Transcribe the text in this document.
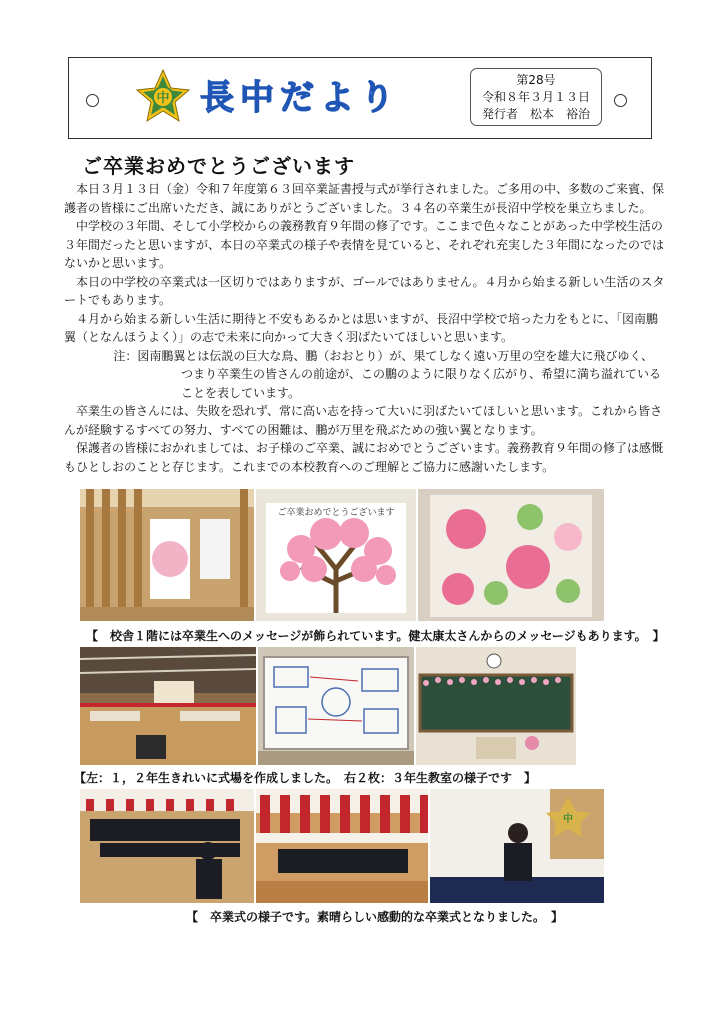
中 長中だより	第28号
令和８年３月１３日
発行者　松本　裕治
ご卒業おめでとうございます

本日３月１３日（金）令和７年度第６３回卒業証書授与式が挙行されました。ご多用の中、多数のご来賓、保護者の皆様にご出席いただき、誠にありがとうございました。３４名の卒業生が長沼中学校を巣立ちました。

中学校の３年間、そして小学校からの義務教育９年間の修了です。ここまで色々なことがあった中学校生活の３年間だったと思いますが、本日の卒業式の様子や表情を見ていると、それぞれ充実した３年間になったのではないかと思います。

本日の中学校の卒業式は一区切りではありますが、ゴールではありません。４月から始まる新しい生活のスタートでもあります。

４月から始まる新しい生活に期待と不安もあるかとは思いますが、長沼中学校で培った力をもとに、「図南鵬翼（となんほうよく）」の志で未来に向かって大きく羽ばたいてほしいと思います。

注：図南鵬翼とは伝説の巨大な鳥、鵬（おおとり）が、果てしなく遠い万里の空を雄大に飛びゆく、
つまり卒業生の皆さんの前途が、この鵬のように限りなく広がり、希望に満ち溢れていることを表しています。

卒業生の皆さんには、失敗を恐れず、常に高い志を持って大いに羽ばたいてほしいと思います。これから皆さんが経験するすべての努力、すべての困難は、鵬が万里を飛ぶための強い翼となります。

保護者の皆様におかれましては、お子様のご卒業、誠におめでとうございます。義務教育９年間の修了は感慨もひとしおのことと存じます。これまでの本校教育へのご理解とご協力に感謝いたします。

ご卒業おめでとうございます
【　校舎１階には卒業生へのメッセージが飾られています。健太康太さんからのメッセージもあります。　】
【左：１，２年生きれいに式場を作成しました。　右２枚：３年生教室の様子です　】
中
【　卒業式の様子です。素晴らしい感動的な卒業式となりました。　】
